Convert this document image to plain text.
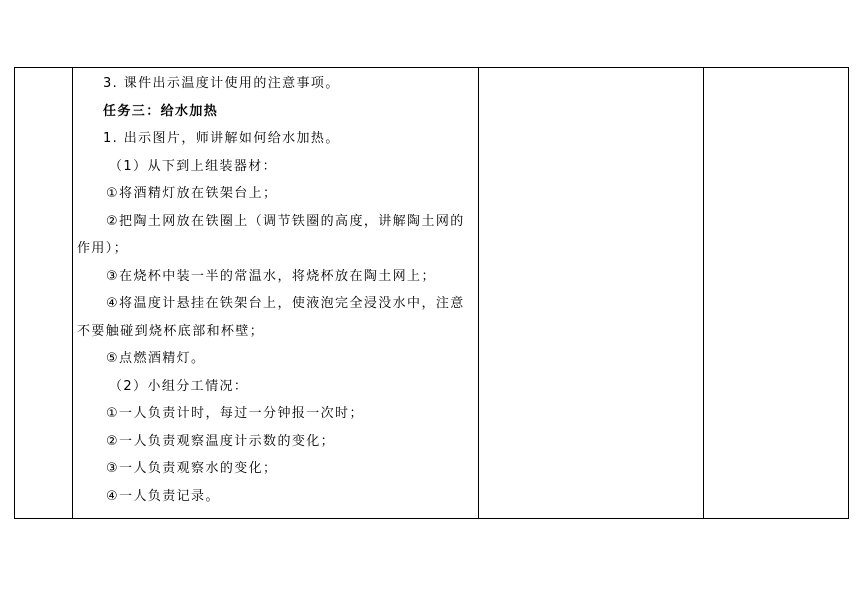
3. 课件出示温度计使用的注意事项。

任务三：给水加热

1. 出示图片，师讲解如何给水加热。

（1）从下到上组装器材：

①将酒精灯放在铁架台上；

②把陶土网放在铁圈上（调节铁圈的高度，讲解陶土网的

作用）；

③在烧杯中装一半的常温水，将烧杯放在陶土网上；

④将温度计悬挂在铁架台上，使液泡完全浸没水中，注意

不要触碰到烧杯底部和杯壁；

⑤点燃酒精灯。

（2）小组分工情况：

①一人负责计时，每过一分钟报一次时；

②一人负责观察温度计示数的变化；

③一人负责观察水的变化；

④一人负责记录。
